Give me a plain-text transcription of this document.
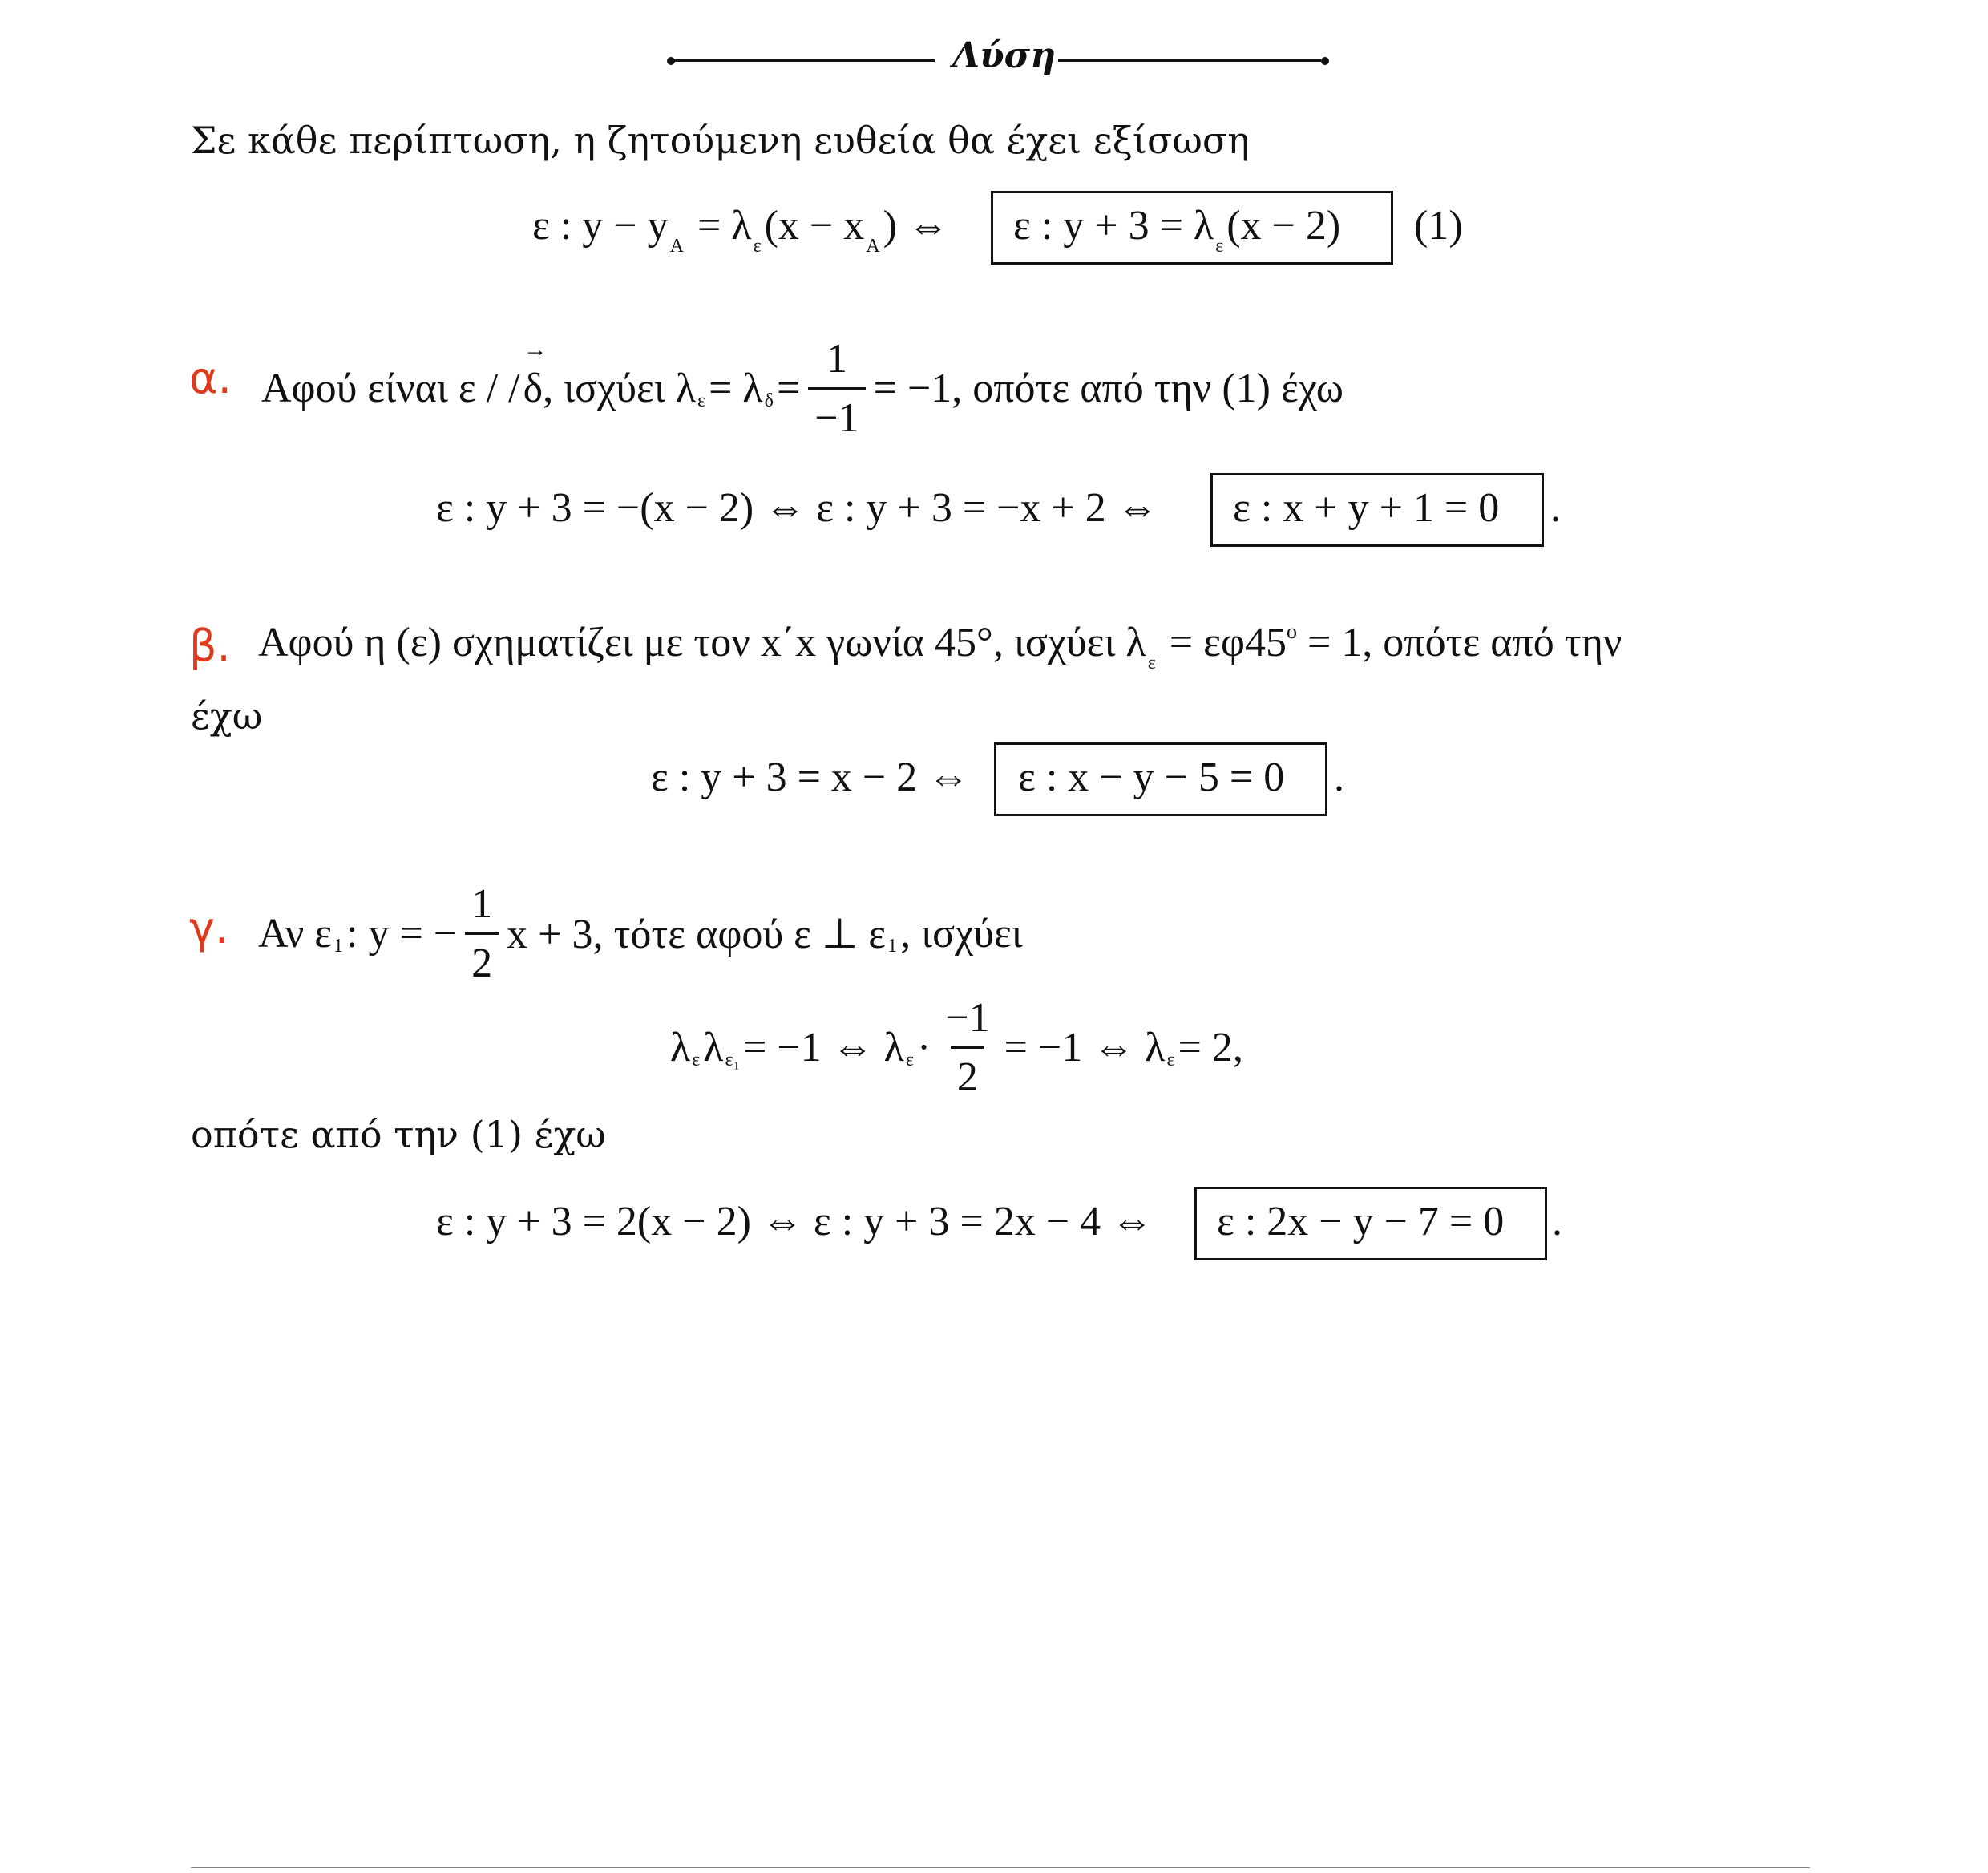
Λύση
Σε κάθε περίπτωση, η ζητούμενη ευθεία θα έχει εξίσωση
ε : $y - y_A = \lambda_\varepsilon(x - x_A)$ ⇔ ε : $y + 3 = \lambda_\varepsilon(x - 2)$ (1)
α. Αφού είναι ε / /
→ δ , ισχύει λ ε = λ $\delta = \frac{1}{-1} = -1$, οπότε από την (1) έχω
ε : y + 3 = −(x − 2) ⇔ ε : y + 3 = −x + 2 ⇔ ε : x + y + 1 = 0 .
β. Αφού η (ε) σχηματίζει με τον x΄x γωνία 45°, ισχύει $\lambda_\varepsilon = \varepsilon\varphi 45^o = 1$, οπότε από την
έχω
ε : y + 3 = x − 2 ⇔ ε : x − y − 5 = 0 .
γ. Αν ε 1 : y = − $\frac{1}{2}$ x + 3, τότε αφού ε ⊥ ε 1 , ισχύει
λ ε λ ε₁ = −1 ⇔ λ $\varepsilon \cdot \frac{-1}{2} = -1$ ⇔ λ ε = 2,
οπότε από την (1) έχω
ε : y + 3 = 2(x − 2) ⇔ ε : y + 3 = 2x − 4 ⇔ ε : 2x − y − 7 = 0 .
